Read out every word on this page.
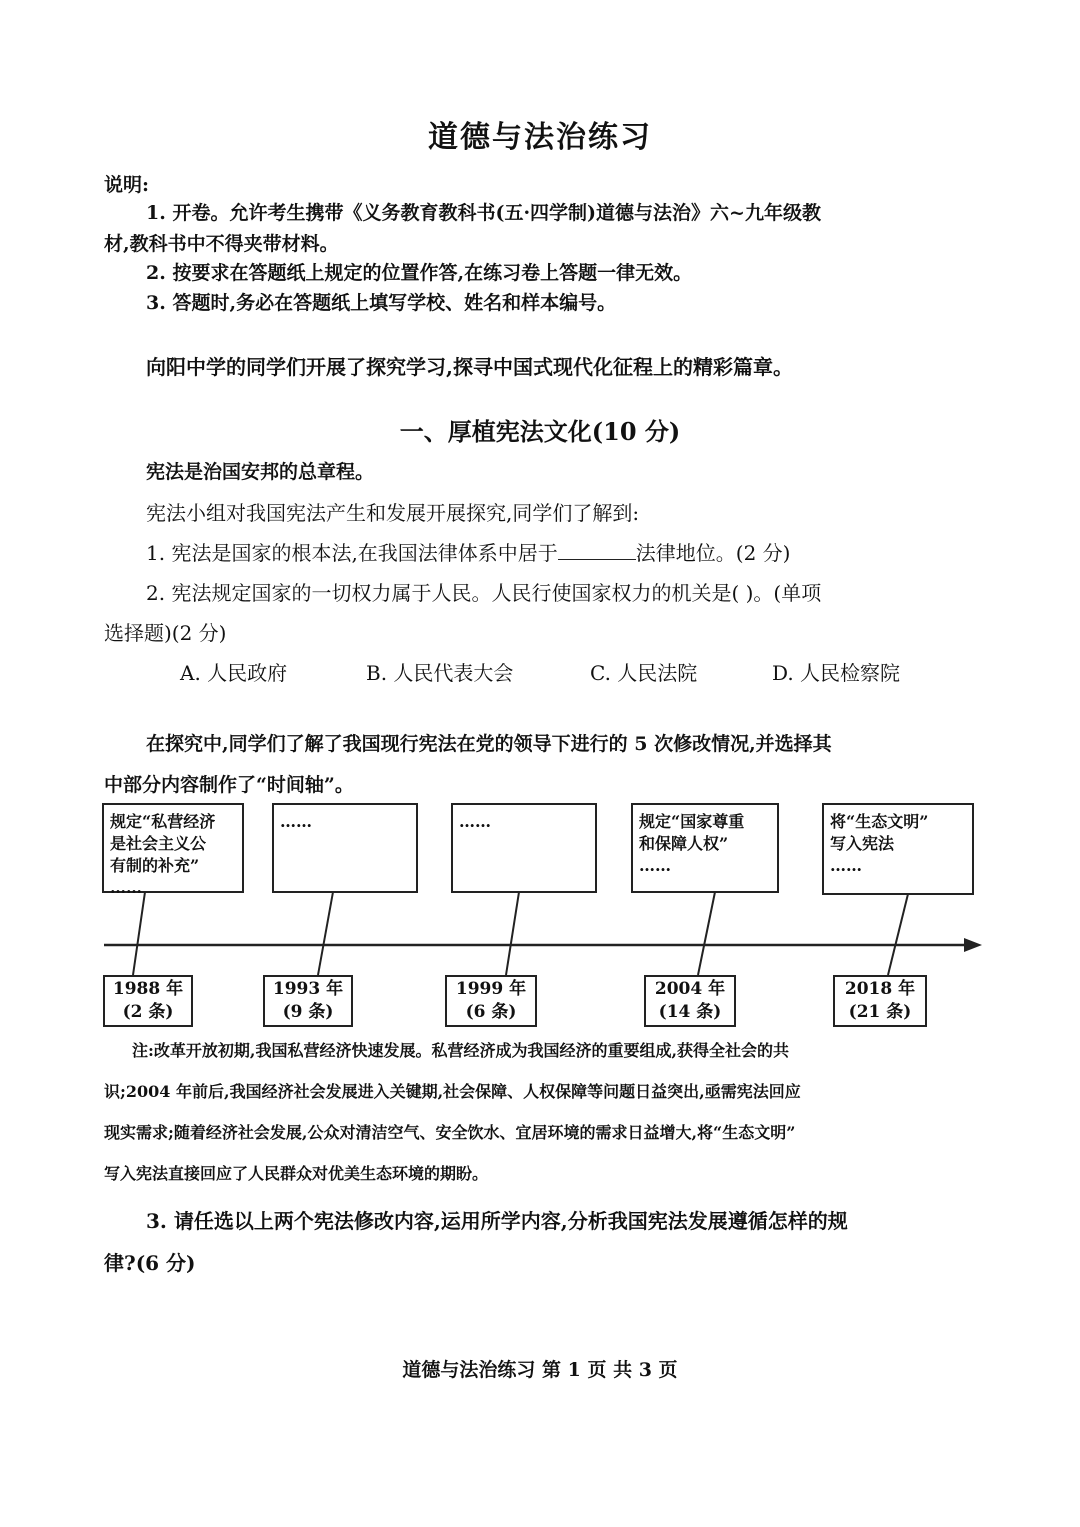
道德与法治练习
说明:
1. 开卷。允许考生携带《义务教育教科书(五·四学制)道德与法治》六~九年级教
材,教科书中不得夹带材料。
2. 按要求在答题纸上规定的位置作答,在练习卷上答题一律无效。
3. 答题时,务必在答题纸上填写学校、姓名和样本编号。
向阳中学的同学们开展了探究学习,探寻中国式现代化征程上的精彩篇章。
一、厚植宪法文化(10 分)
宪法是治国安邦的总章程。
宪法小组对我国宪法产生和发展开展探究,同学们了解到:
1. 宪法是国家的根本法,在我国法律体系中居于	法律地位。(2 分)
2. 宪法规定国家的一切权力属于人民。人民行使国家权力的机关是( )。(单项
选择题)(2 分)
A. 人民政府	B. 人民代表大会	C. 人民法院	D. 人民检察院
在探究中,同学们了解了我国现行宪法在党的领导下进行的 5 次修改情况,并选择其
中部分内容制作了“时间轴”。
规定“私营经济
是社会主义公
有制的补充”
……
……	……	规定“国家尊重
和保障人权”
……
将“生态文明”
写入宪法
……
1988 年
(2 条)
1993 年
(9 条)
1999 年
(6 条)
2004 年
(14 条)
2018 年
(21 条)
注:改革开放初期,我国私营经济快速发展。私营经济成为我国经济的重要组成,获得全社会的共
识;2004 年前后,我国经济社会发展进入关键期,社会保障、人权保障等问题日益突出,亟需宪法回应
现实需求;随着经济社会发展,公众对清洁空气、安全饮水、宜居环境的需求日益增大,将“生态文明”
写入宪法直接回应了人民群众对优美生态环境的期盼。
3. 请任选以上两个宪法修改内容,运用所学内容,分析我国宪法发展遵循怎样的规
律?(6 分)
道德与法治练习 第 1 页 共 3 页
